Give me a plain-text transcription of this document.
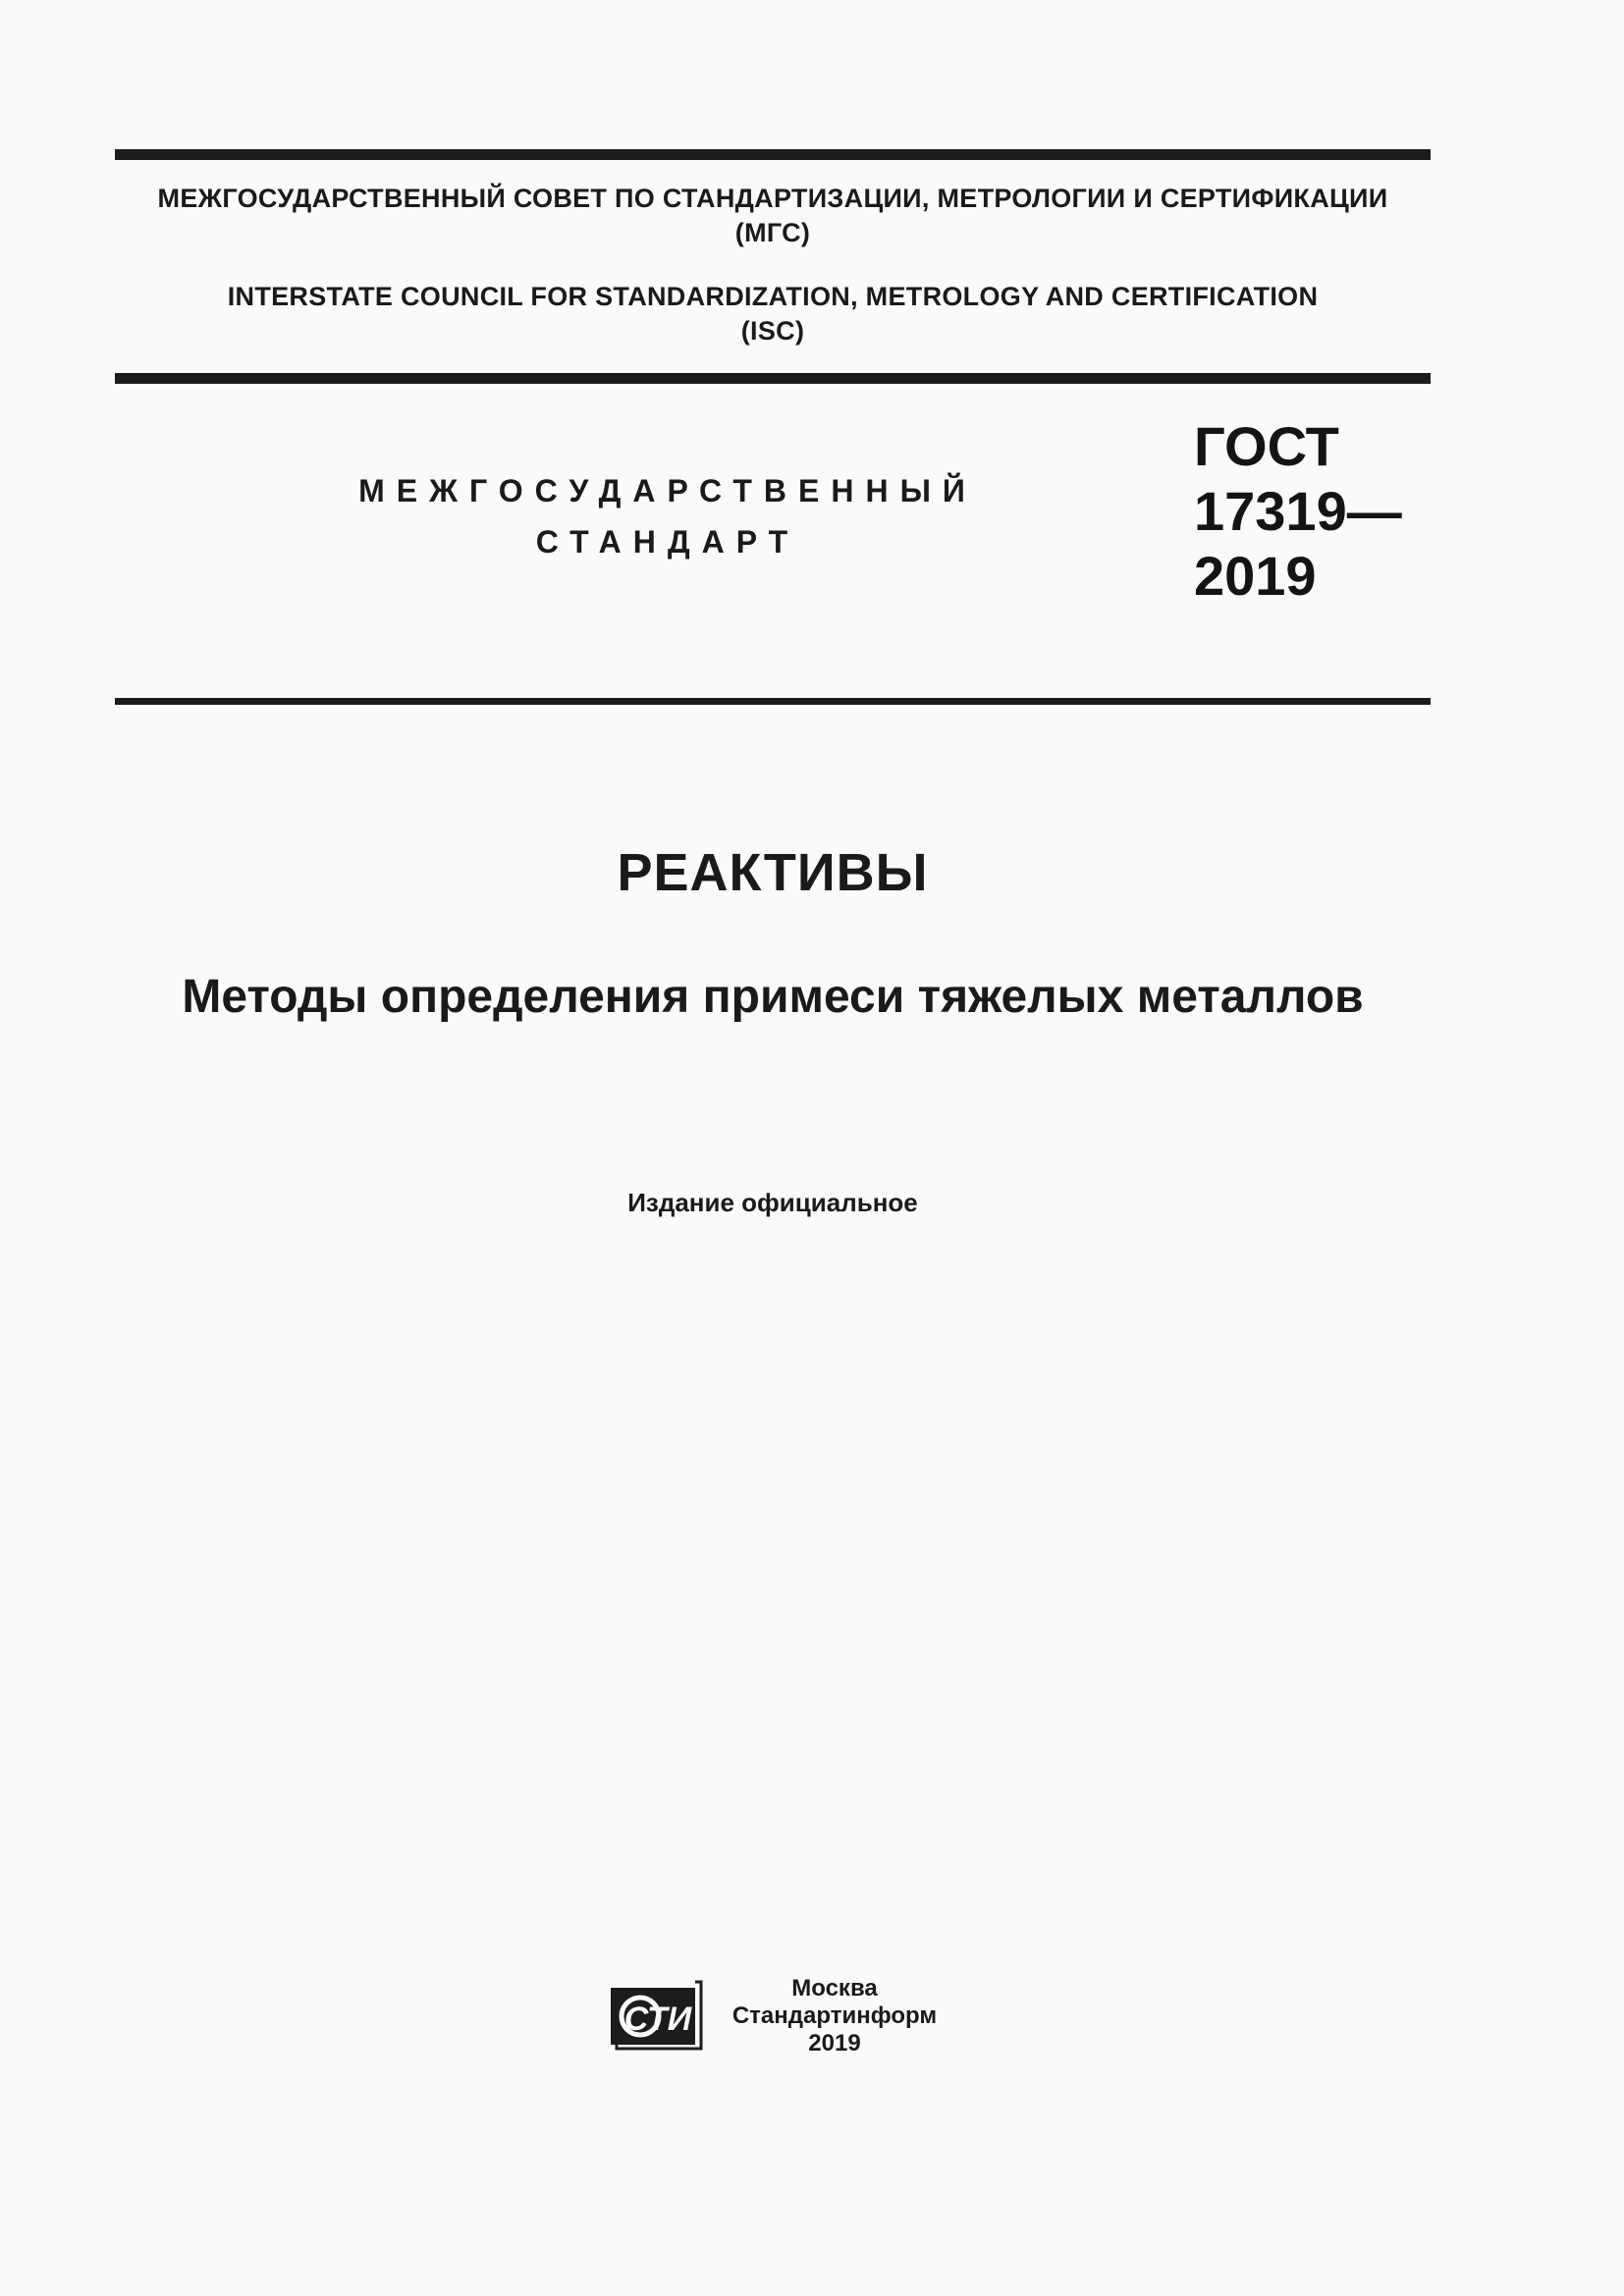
МЕЖГОСУДАРСТВЕННЫЙ СОВЕТ ПО СТАНДАРТИЗАЦИИ, МЕТРОЛОГИИ И СЕРТИФИКАЦИИ
(МГС)
INTERSTATE COUNCIL FOR STANDARDIZATION, METROLOGY AND CERTIFICATION
(ISC)
МЕЖГОСУДАРСТВЕННЫЙ
СТАНДАРТ
ГОСТ
17319—
2019
РЕАКТИВЫ
Методы определения примеси тяжелых металлов
Издание официальное
СТИ
Москва
Стандартинформ
2019
